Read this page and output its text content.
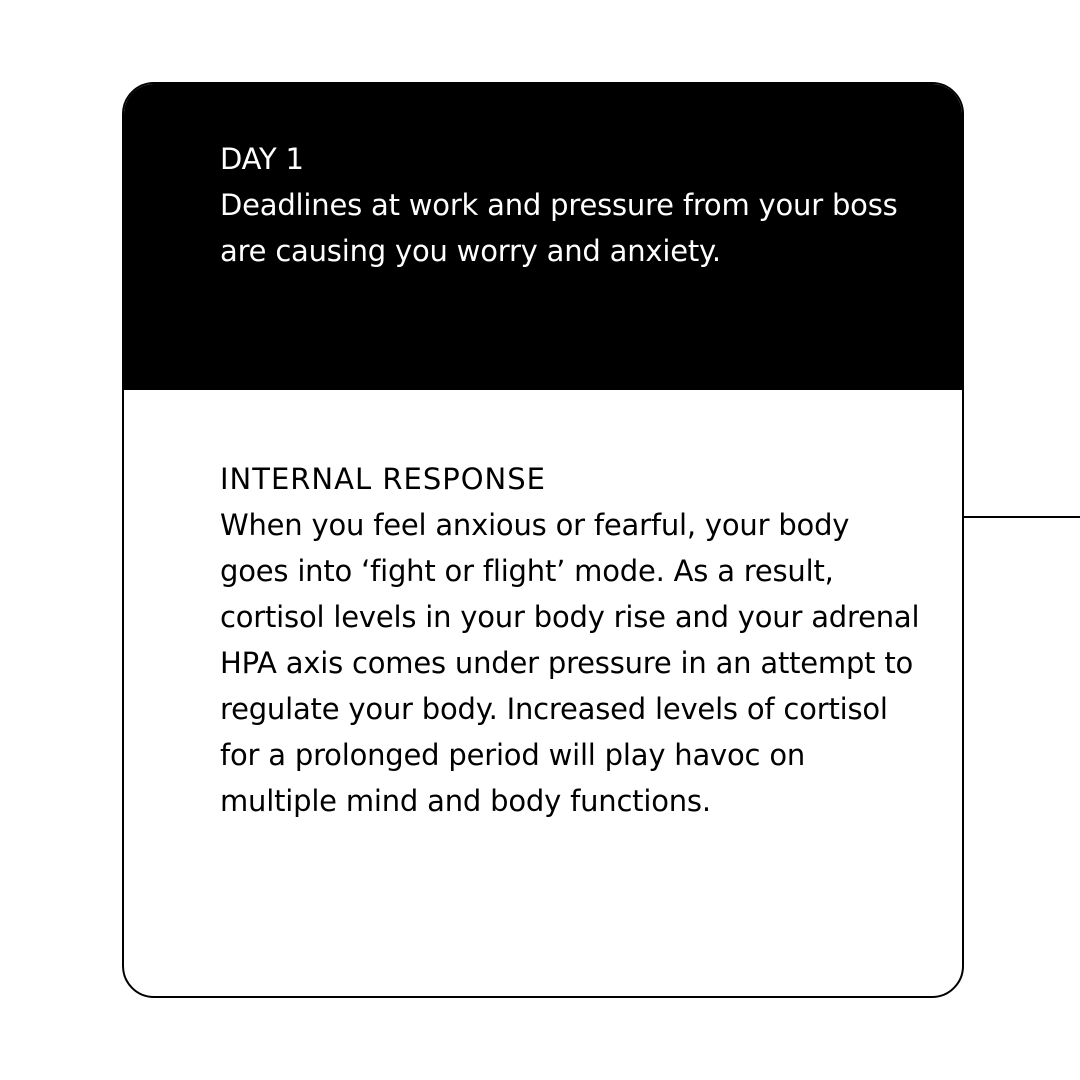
DAY 1
Deadlines at work and pressure from your boss are causing you worry and anxiety.
INTERNAL RESPONSE
When you feel anxious or fearful, your body goes into ‘fight or flight’ mode. As a result, cortisol levels in your body rise and your adrenal HPA axis comes under pressure in an attempt to regulate your body. Increased levels of cortisol for a prolonged period will play havoc on multiple mind and body functions.
